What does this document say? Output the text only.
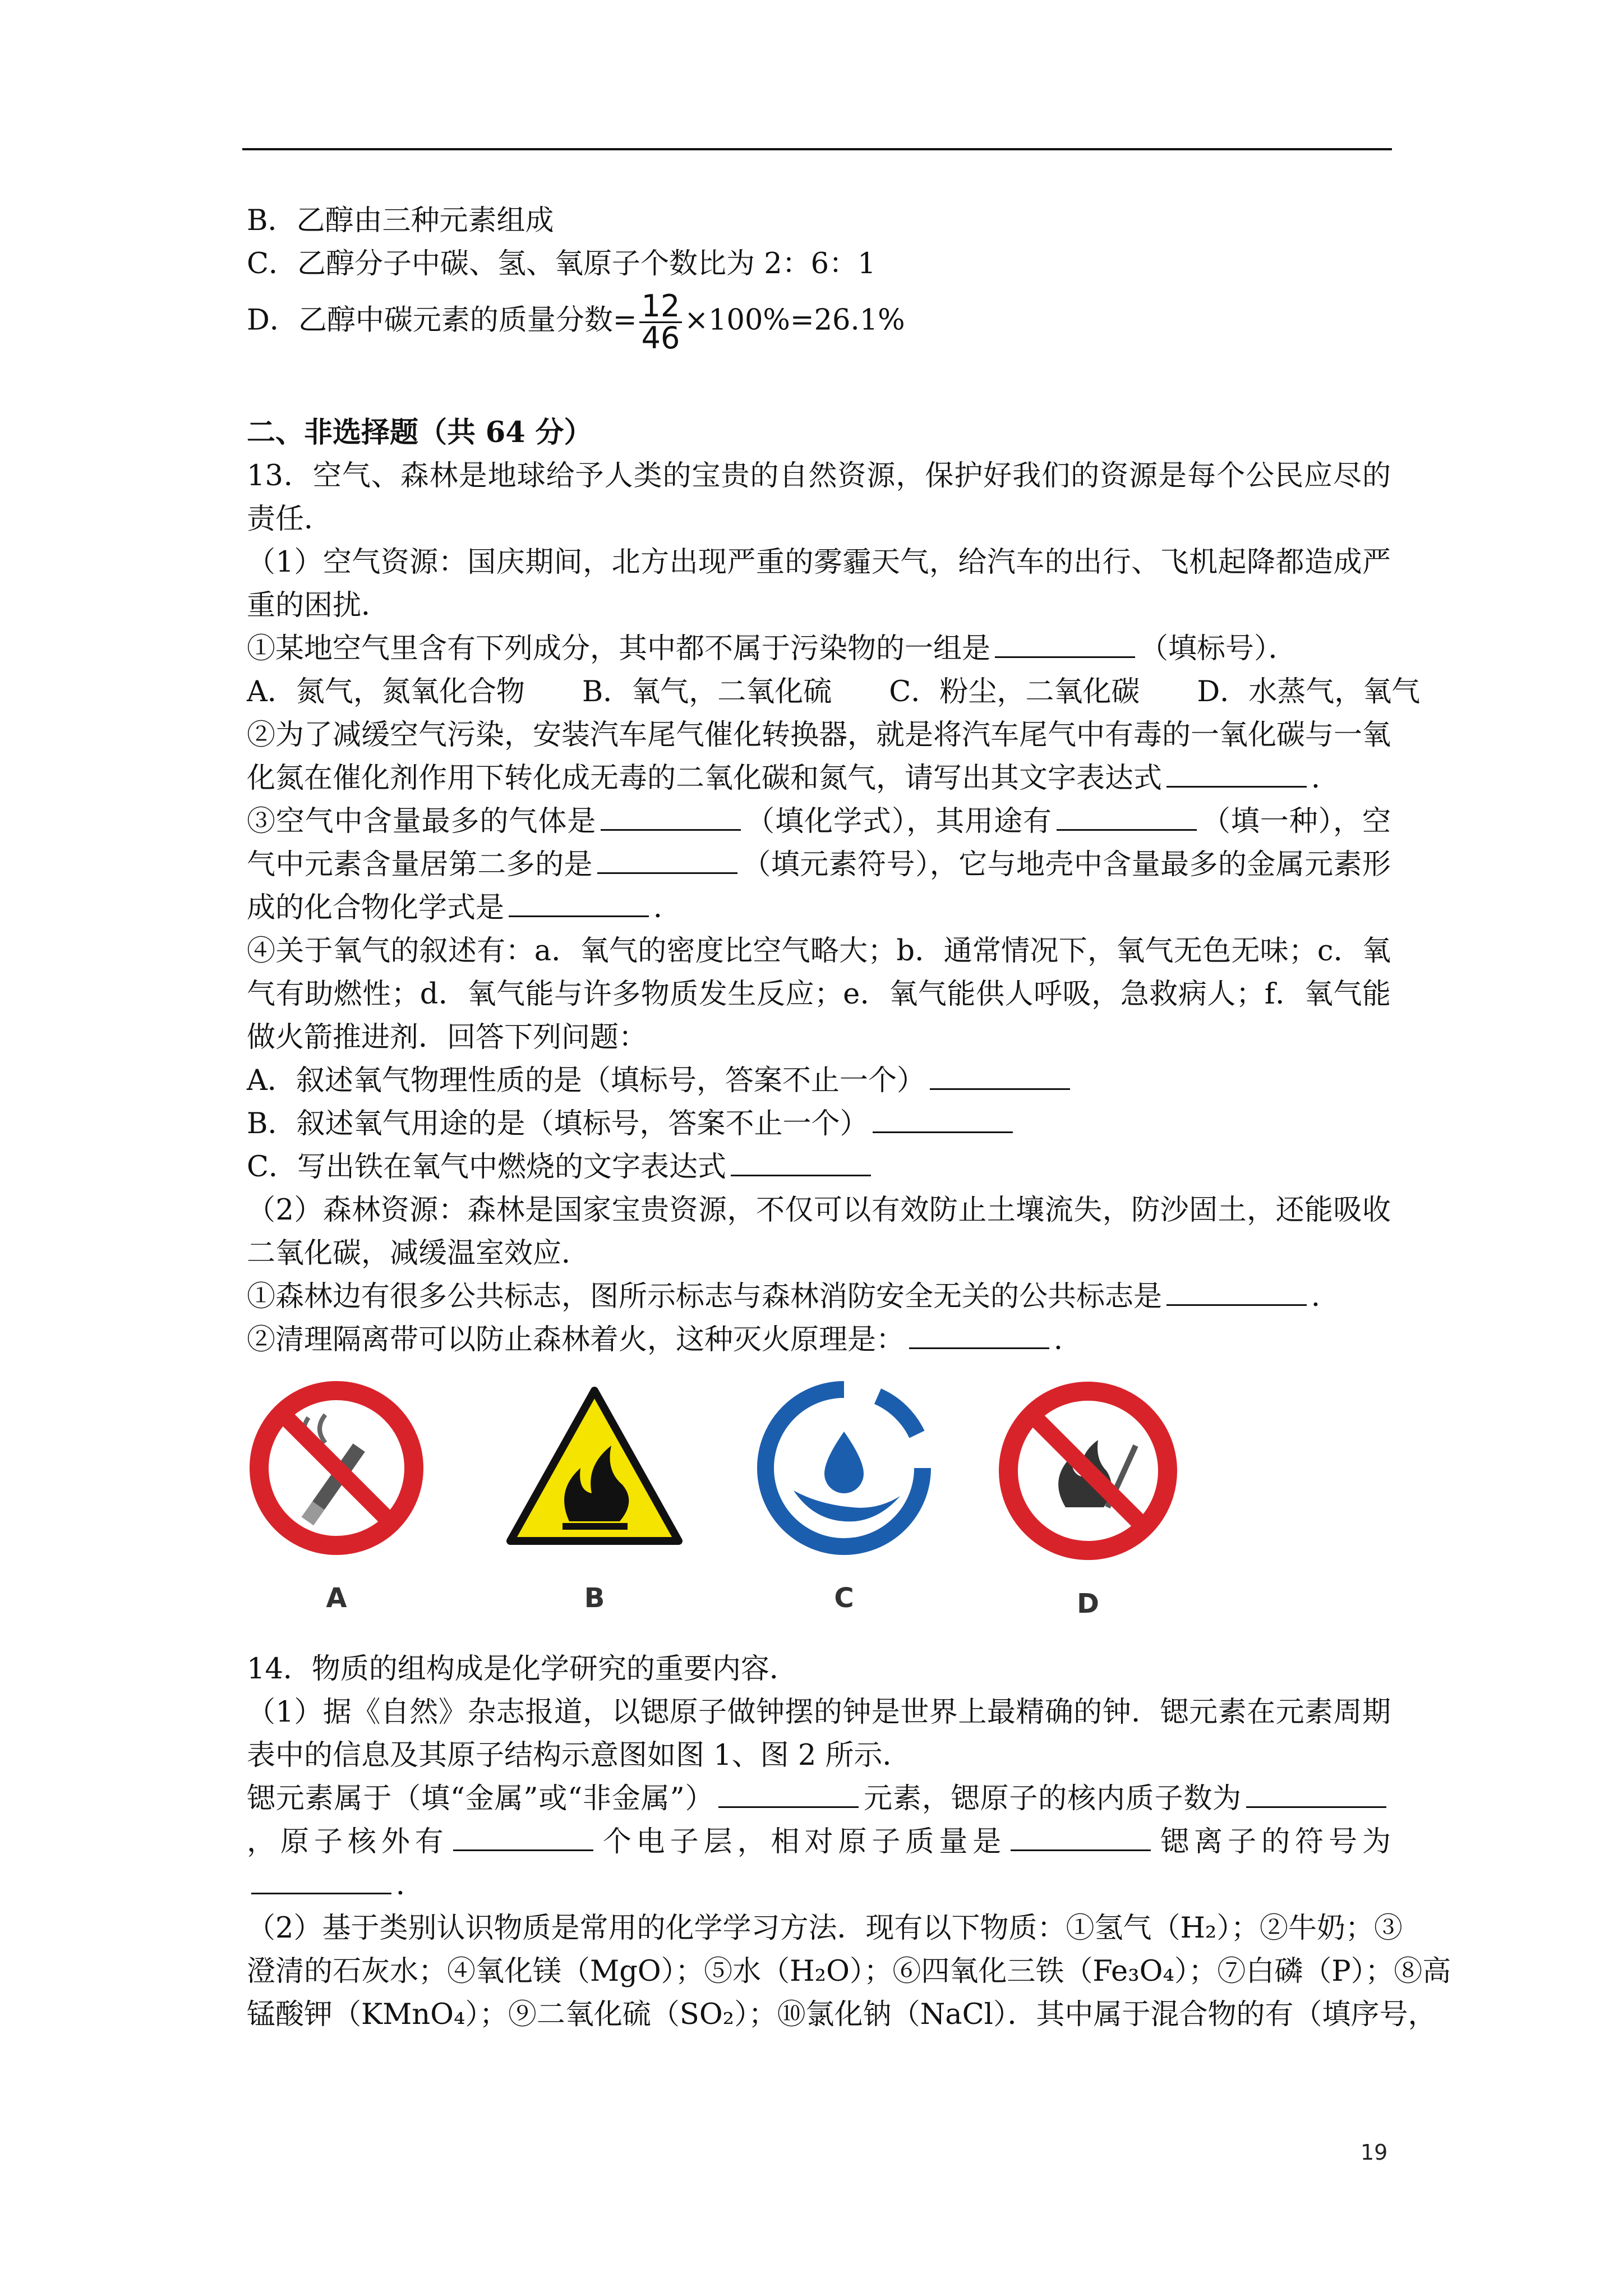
B．乙醇由三种元素组成
C．乙醇分子中碳、氢、氧原子个数比为 2：6：1
D．乙醇中碳元素的质量分数= $\frac{12}{46} \times 100\%=26.1\%$
二、非选择题（共 64 分）
13．空气、森林是地球给予人类的宝贵的自然资源，保护好我们的资源是每个公民应尽的责任．
（1）空气资源：国庆期间，北方出现严重的雾霾天气，给汽车的出行、飞机起降都造成严重的困扰．
①某地空气里含有下列成分，其中都不属于污染物的一组是	（填标号）．
A．氮气，氮氧化合物　　B．氧气，二氧化硫　　C．粉尘，二氧化碳　　D．水蒸气，氧气
②为了减缓空气污染，安装汽车尾气催化转换器，就是将汽车尾气中有毒的一氧化碳与一氧化氮在催化剂作用下转化成无毒的二氧化碳和氮气，请写出其文字表达式	．
③空气中含量最多的气体是	（填化学式），其用途有	（填一种），空气中元素含量居第二多的是	（填元素符号），它与地壳中含量最多的金属元素形成的化合物化学式是	．
④关于氧气的叙述有：a．氧气的密度比空气略大；b．通常情况下，氧气无色无味；c．氧气有助燃性；d．氧气能与许多物质发生反应；e．氧气能供人呼吸，急救病人；f．氧气能做火箭推进剂．回答下列问题：
A．叙述氧气物理性质的是（填标号，答案不止一个）
B．叙述氧气用途的是（填标号，答案不止一个）
C．写出铁在氧气中燃烧的文字表达式
（2）森林资源：森林是国家宝贵资源，不仅可以有效防止土壤流失，防沙固土，还能吸收二氧化碳，减缓温室效应．
①森林边有很多公共标志，图所示标志与森林消防安全无关的公共标志是	．
②清理隔离带可以防止森林着火，这种灭火原理是：	．
A	B	C	D
14．物质的组构成是化学研究的重要内容．
（1）据《自然》杂志报道，以锶原子做钟摆的钟是世界上最精确的钟．锶元素在元素周期表中的信息及其原子结构示意图如图 1、图 2 所示．
锶元素属于（填“金属”或“非金属”）	元素，锶原子的核内质子数为，原子核外有	个电子层，相对原子质量是	锶离子的符号为．
（2）基于类别认识物质是常用的化学学习方法．现有以下物质：①氢气（H₂）；②牛奶；③
澄清的石灰水；④氧化镁（MgO）；⑤水（H₂O）；⑥四氧化三铁（Fe₃O₄）；⑦白磷（P）；⑧高
锰酸钾（KMnO₄）；⑨二氧化硫（SO₂）；⑩氯化钠（NaCl）．其中属于混合物的有（填序号，
19
